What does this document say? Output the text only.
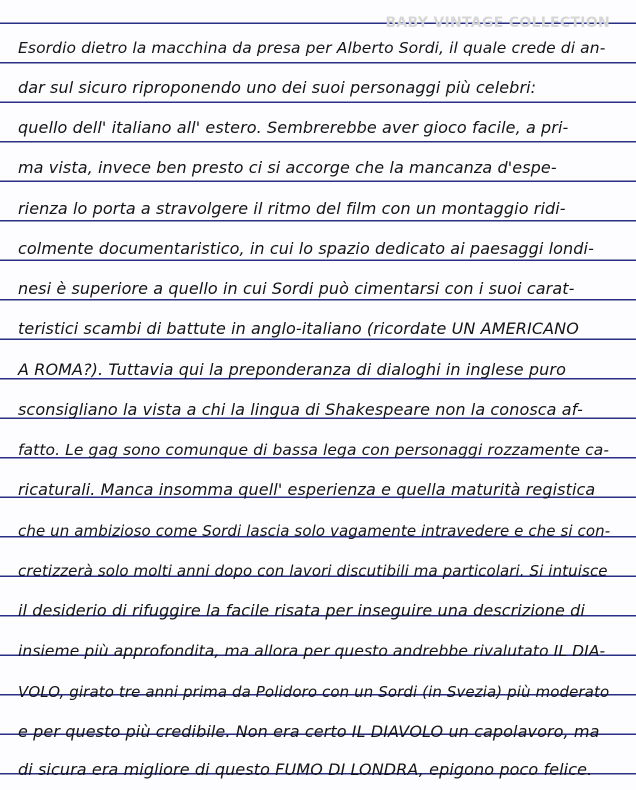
BABY VINTAGE COLLECTION
Esordio dietro la macchina da presa per Alberto Sordi, il quale crede di an-
dar sul sicuro riproponendo uno dei suoi personaggi più celebri:
quello dell' italiano all' estero. Sembrerebbe aver gioco facile, a pri-
ma vista, invece ben presto ci si accorge che la mancanza d'espe-
rienza lo porta a stravolgere il ritmo del film con un montaggio ridi-
colmente documentaristico, in cui lo spazio dedicato ai paesaggi londi-
nesi è superiore a quello in cui Sordi può cimentarsi con i suoi carat-
teristici scambi di battute in anglo-italiano (ricordate UN AMERICANO
A ROMA?). Tuttavia qui la preponderanza di dialoghi in inglese puro
sconsigliano la vista a chi la lingua di Shakespeare non la conosca af-
fatto. Le gag sono comunque di bassa lega con personaggi rozzamente ca-
ricaturali. Manca insomma quell' esperienza e quella maturità registica
che un ambizioso come Sordi lascia solo vagamente intravedere e che si con-
cretizzerà solo molti anni dopo con lavori discutibili ma particolari. Si intuisce
il desiderio di rifuggire la facile risata per inseguire una descrizione di
insieme più approfondita, ma allora per questo andrebbe rivalutato IL DIA-
VOLO, girato tre anni prima da Polidoro con un Sordi (in Svezia) più moderato
e per questo più credibile. Non era certo IL DIAVOLO un capolavoro, ma
di sicura era migliore di questo FUMO DI LONDRA, epigono poco felice.
